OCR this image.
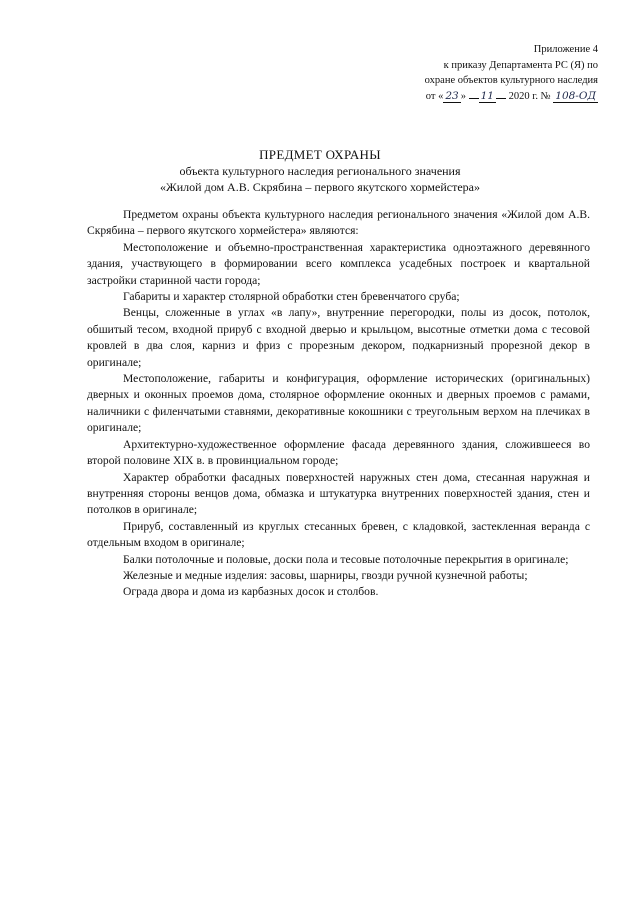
Приложение 4
к приказу Департамента РС (Я) по
охране объектов культурного наследия
от « 23 » 11 2020 г. № 108-ОД

ПРЕДМЕТ ОХРАНЫ

объекта культурного наследия регионального значения

«Жилой дом А.В. Скрябина – первого якутского хормейстера»

Предметом охраны объекта культурного наследия регионального значения «Жилой дом А.В. Скрябина – первого якутского хормейстера» являются:

Местоположение и объемно-пространственная характеристика одноэтажного деревянного здания, участвующего в формировании всего комплекса усадебных построек и квартальной застройки старинной части города;

Габариты и характер столярной обработки стен бревенчатого сруба;

Венцы, сложенные в углах «в лапу», внутренние перегородки, полы из досок, потолок, обшитый тесом, входной прируб с входной дверью и крыльцом, высотные отметки дома с тесовой кровлей в два слоя, карниз и фриз с прорезным декором, подкарнизный прорезной декор в оригинале;

Местоположение, габариты и конфигурация, оформление исторических (оригинальных) дверных и оконных проемов дома, столярное оформление оконных и дверных проемов с рамами, наличники с филенчатыми ставнями, декоративные кокошники с треугольным верхом на плечиках в оригинале;

Архитектурно-художественное оформление фасада деревянного здания, сложившееся во второй половине XIX в. в провинциальном городе;

Характер обработки фасадных поверхностей наружных стен дома, стесанная наружная и внутренняя стороны венцов дома, обмазка и штукатурка внутренних поверхностей здания, стен и потолков в оригинале;

Прируб, составленный из круглых стесанных бревен, с кладовкой, застекленная веранда с отдельным входом в оригинале;

Балки потолочные и половые, доски пола и тесовые потолочные перекрытия в оригинале;

Железные и медные изделия: засовы, шарниры, гвозди ручной кузнечной работы;

Ограда двора и дома из карбазных досок и столбов.
